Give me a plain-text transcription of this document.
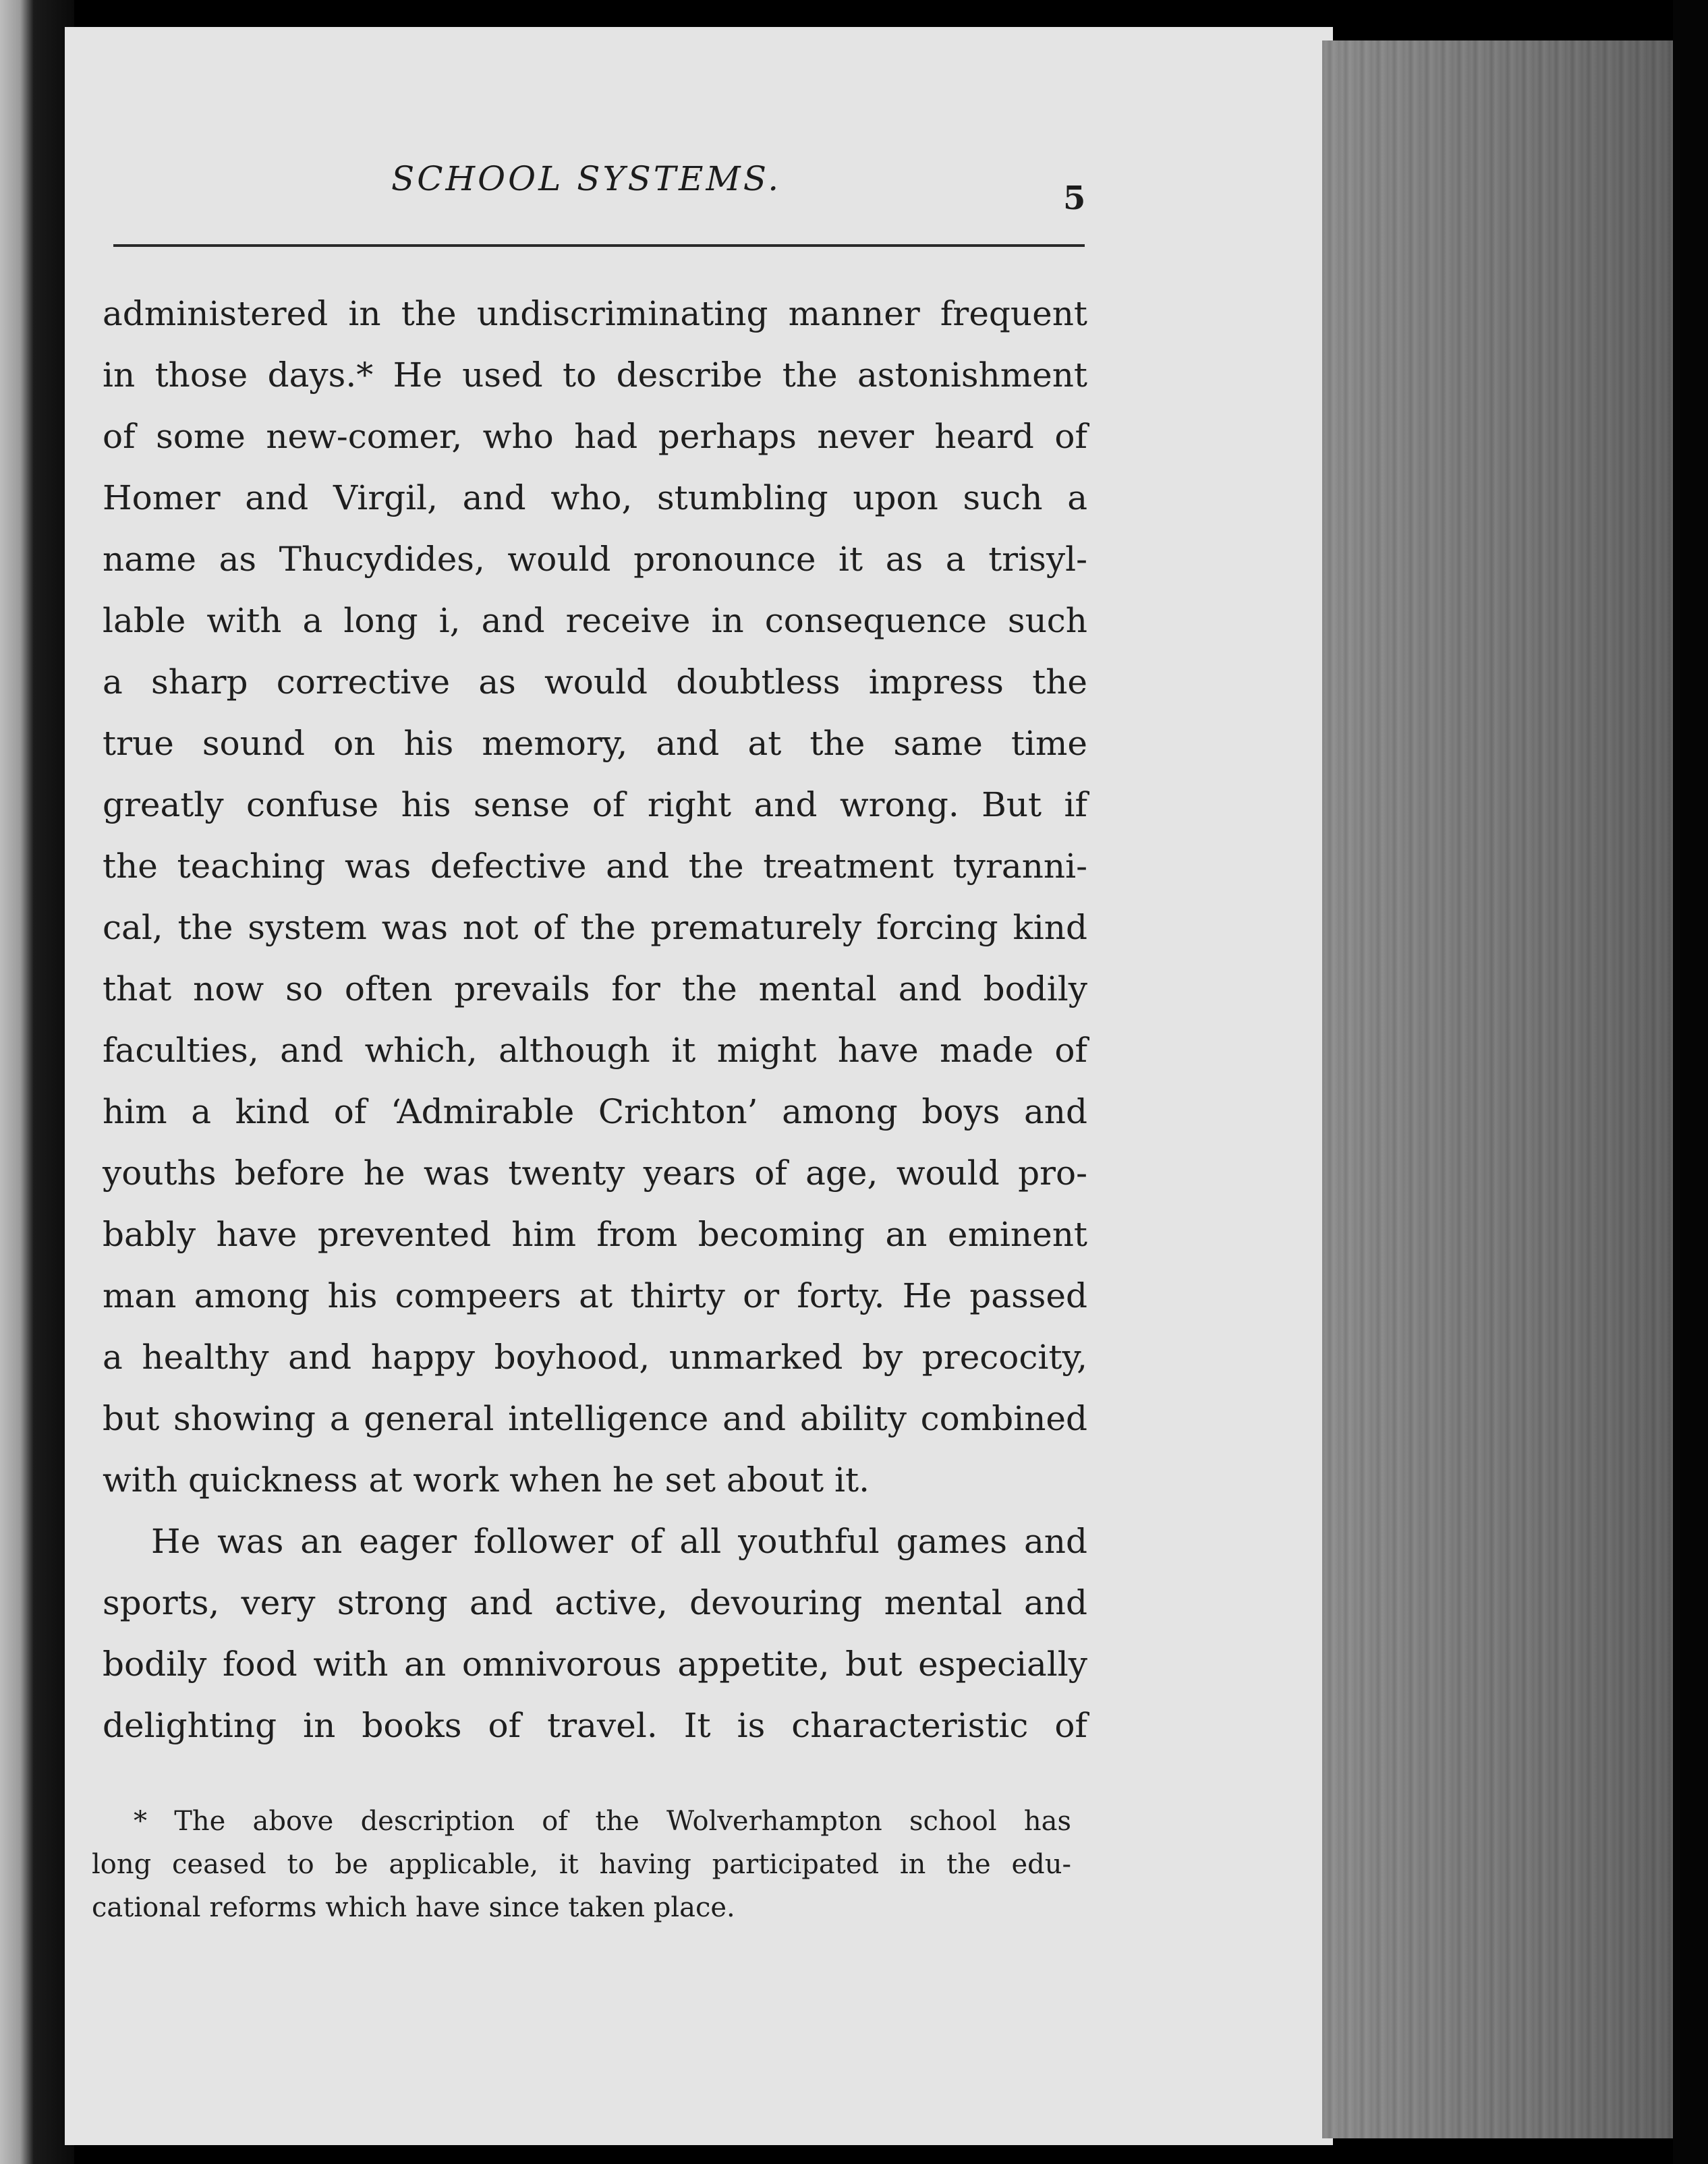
SCHOOL SYSTEMS.	5
administered in the undiscriminating manner frequent
in those days.* He used to describe the astonishment
of some new-comer, who had perhaps never heard of
Homer and Virgil, and who, stumbling upon such a
name as Thucydides, would pronounce it as a trisyl-
lable with a long i, and receive in consequence such
a sharp corrective as would doubtless impress the
true sound on his memory, and at the same time
greatly confuse his sense of right and wrong. But if
the teaching was defective and the treatment tyranni-
cal, the system was not of the prematurely forcing kind
that now so often prevails for the mental and bodily
faculties, and which, although it might have made of
him a kind of ‘Admirable Crichton’ among boys and
youths before he was twenty years of age, would pro-
bably have prevented him from becoming an eminent
man among his compeers at thirty or forty. He passed
a healthy and happy boyhood, unmarked by precocity,
but showing a general intelligence and ability combined
with quickness at work when he set about it.
He was an eager follower of all youthful games and
sports, very strong and active, devouring mental and
bodily food with an omnivorous appetite, but especially
delighting in books of travel. It is characteristic of
* The above description of the Wolverhampton school has
long ceased to be applicable, it having participated in the edu-
cational reforms which have since taken place.
